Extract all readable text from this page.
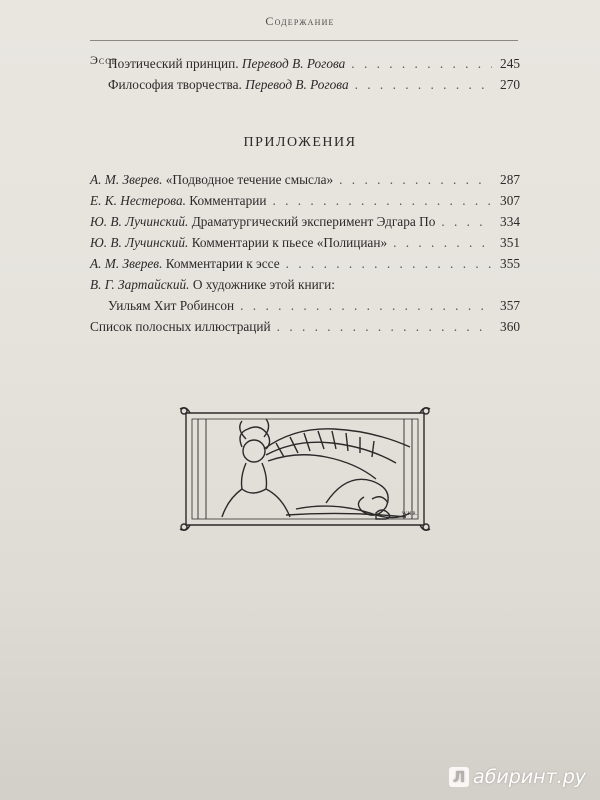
Содержание
Эссе
Поэтический принцип. Перевод В. Рогова . . .	245
Философия творчества. Перевод В. Рогова . . .	270
ПРИЛОЖЕНИЯ
А. М. Зверев. «Подводное течение смысла» . . .	287
Е. К. Нестерова. Комментарии . . .	307
Ю. В. Лучинский. Драматургический эксперимент Эдгара По . . .	334
Ю. В. Лучинский. Комментарии к пьесе «Полициан» . . .	351
А. М. Зверев. Комментарии к эссе . . .	355
В. Г. Зартайский. О художнике этой книги:
Уильям Хит Робинсон . . .	357
Список полосных иллюстраций . . .	360
W.H.R.
Л абиринт.ру
